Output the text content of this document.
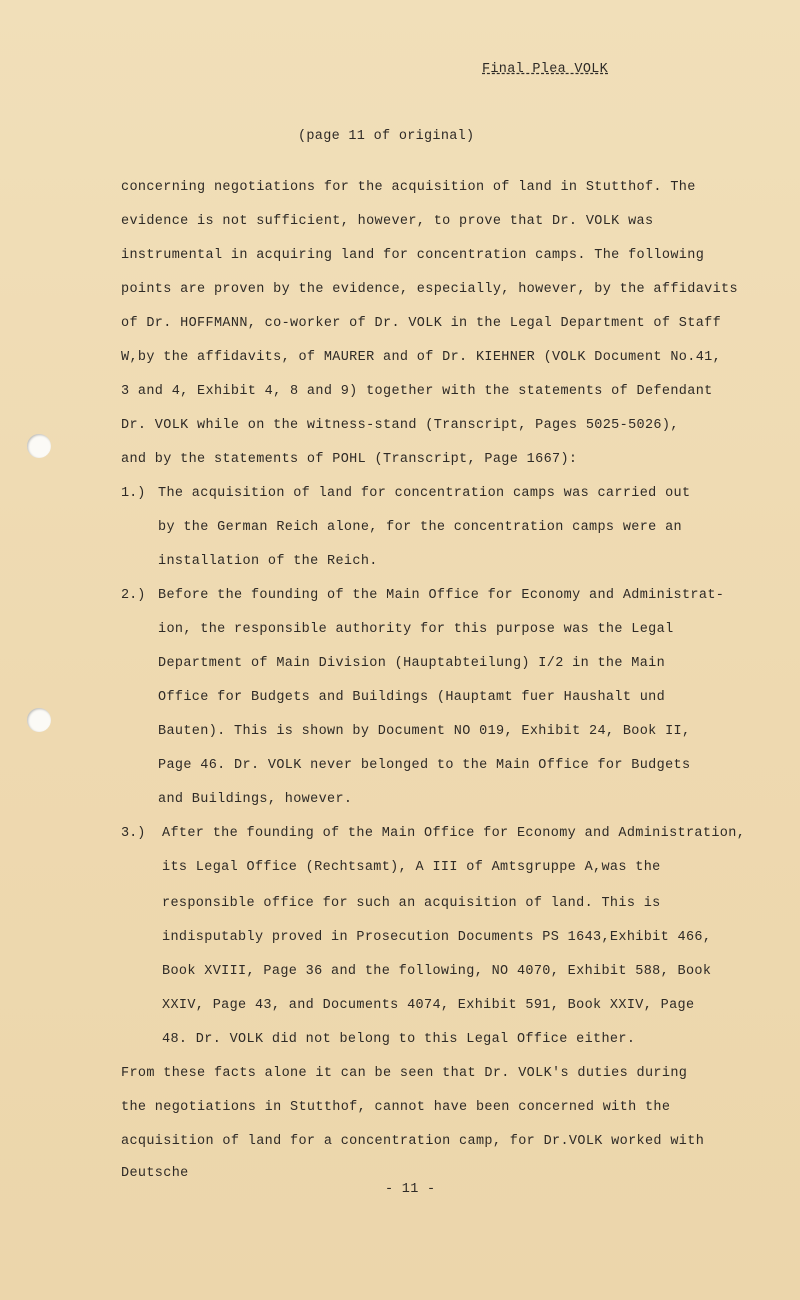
Final Plea VOLK
(page 11 of original)
concerning negotiations for the acquisition of land in Stutthof. The
evidence is not sufficient, however, to prove that Dr. VOLK was
instrumental in acquiring land for concentration camps. The following
points are proven by the evidence, especially, however, by the affidavits
of Dr. HOFFMANN, co-worker of Dr. VOLK in the Legal Department of Staff
W,by the affidavits, of MAURER and of Dr. KIEHNER (VOLK Document No.41,
3 and 4, Exhibit 4, 8 and 9) together with the statements of Defendant
Dr. VOLK while on the witness-stand (Transcript, Pages 5025-5026),
and by the statements of POHL (Transcript, Page 1667):
1.) The acquisition of land for concentration camps was carried out
by the German Reich alone, for the concentration camps were an
installation of the Reich.
2.) Before the founding of the Main Office for Economy and Administrat-
ion, the responsible authority for this purpose was the Legal
Department of Main Division (Hauptabteilung) I/2 in the Main
Office for Budgets and Buildings (Hauptamt fuer Haushalt und
Bauten). This is shown by Document NO 019, Exhibit 24, Book II,
Page 46. Dr. VOLK never belonged to the Main Office for Budgets
and Buildings, however.
3.) After the founding of the Main Office for Economy and Administration,
its Legal Office (Rechtsamt), A III of Amtsgruppe A,was the
responsible office for such an acquisition of land. This is
indisputably proved in Prosecution Documents PS 1643,Exhibit 466,
Book XVIII, Page 36 and the following, NO 4070, Exhibit 588, Book
XXIV, Page 43, and Documents 4074, Exhibit 591, Book XXIV, Page
48. Dr. VOLK did not belong to this Legal Office either.
From these facts alone it can be seen that Dr. VOLK's duties during
the negotiations in Stutthof, cannot have been concerned with the
acquisition of land for a concentration camp, for Dr.VOLK worked with
Deutsche
- 11 -
